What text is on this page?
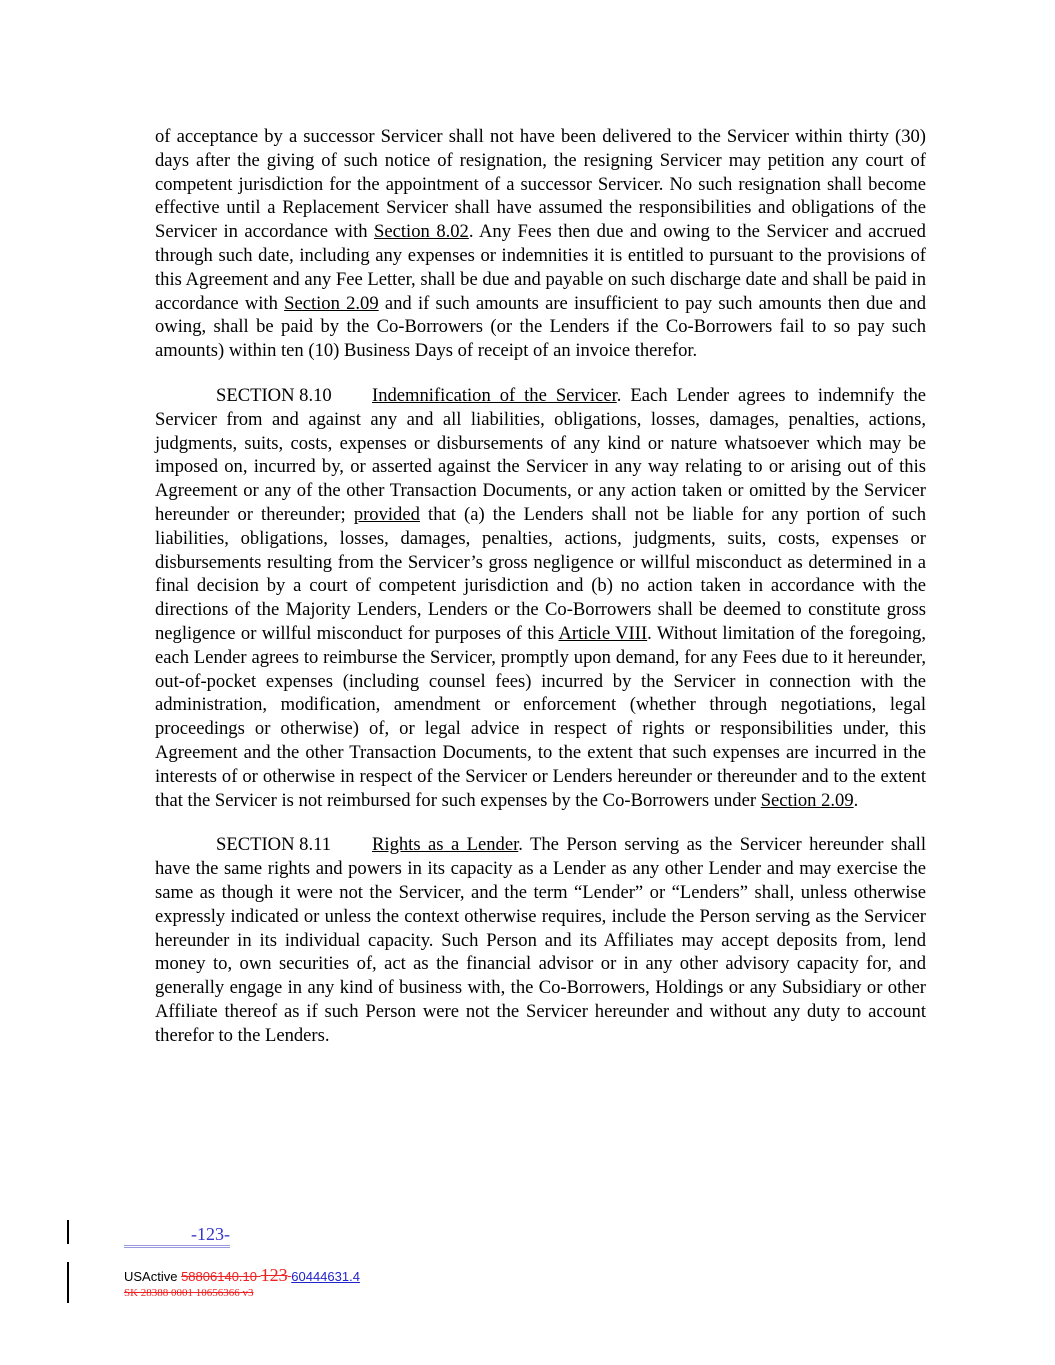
of acceptance by a successor Servicer shall not have been delivered to the Servicer within thirty (30) days after the giving of such notice of resignation, the resigning Servicer may petition any court of competent jurisdiction for the appointment of a successor Servicer. No such resignation shall become effective until a Replacement Servicer shall have assumed the responsibilities and obligations of the Servicer in accordance with Section 8.02. Any Fees then due and owing to the Servicer and accrued through such date, including any expenses or indemnities it is entitled to pursuant to the provisions of this Agreement and any Fee Letter, shall be due and payable on such discharge date and shall be paid in accordance with Section 2.09 and if such amounts are insufficient to pay such amounts then due and owing, shall be paid by the Co-Borrowers (or the Lenders if the Co-Borrowers fail to so pay such amounts) within ten (10) Business Days of receipt of an invoice therefor.

SECTION 8.10 Indemnification of the Servicer. Each Lender agrees to indemnify the Servicer from and against any and all liabilities, obligations, losses, damages, penalties, actions, judgments, suits, costs, expenses or disbursements of any kind or nature whatsoever which may be imposed on, incurred by, or asserted against the Servicer in any way relating to or arising out of this Agreement or any of the other Transaction Documents, or any action taken or omitted by the Servicer hereunder or thereunder; provided that (a) the Lenders shall not be liable for any portion of such liabilities, obligations, losses, damages, penalties, actions, judgments, suits, costs, expenses or disbursements resulting from the Servicer’s gross negligence or willful misconduct as determined in a final decision by a court of competent jurisdiction and (b) no action taken in accordance with the directions of the Majority Lenders, Lenders or the Co-Borrowers shall be deemed to constitute gross negligence or willful misconduct for purposes of this Article VIII. Without limitation of the foregoing, each Lender agrees to reimburse the Servicer, promptly upon demand, for any Fees due to it hereunder, out-of-pocket expenses (including counsel fees) incurred by the Servicer in connection with the administration, modification, amendment or enforcement (whether through negotiations, legal proceedings or otherwise) of, or legal advice in respect of rights or responsibilities under, this Agreement and the other Transaction Documents, to the extent that such expenses are incurred in the interests of or otherwise in respect of the Servicer or Lenders hereunder or thereunder and to the extent that the Servicer is not reimbursed for such expenses by the Co-Borrowers under Section 2.09.

SECTION 8.11 Rights as a Lender. The Person serving as the Servicer hereunder shall have the same rights and powers in its capacity as a Lender as any other Lender and may exercise the same as though it were not the Servicer, and the term “Lender” or “Lenders” shall, unless otherwise expressly indicated or unless the context otherwise requires, include the Person serving as the Servicer hereunder in its individual capacity. Such Person and its Affiliates may accept deposits from, lend money to, own securities of, act as the financial advisor or in any other advisory capacity for, and generally engage in any kind of business with, the Co-Borrowers, Holdings or any Subsidiary or other Affiliate thereof as if such Person were not the Servicer hereunder and without any duty to account therefor to the Lenders.

-123-
USActive 58806140.10 123 60444631.4
SK 28388 0001 10656366 v3
